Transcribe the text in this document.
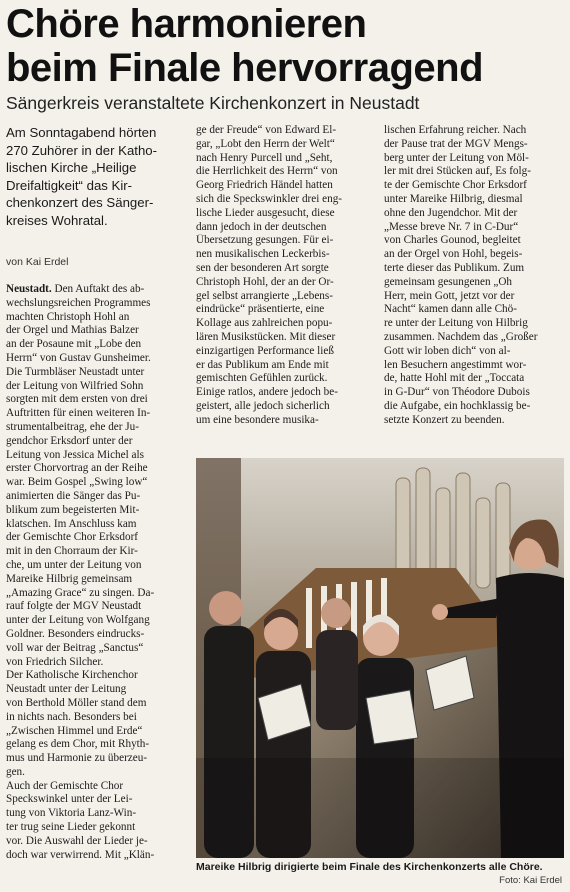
Chöre harmonieren
beim Finale hervorragend
Sängerkreis veranstaltete Kirchenkonzert in Neustadt
Am Sonntagabend hörten
270 Zuhörer in der Katho-
lischen Kirche „Heilige
Dreifaltigkeit“ das Kir-
chenkonzert des Sänger-
kreises Wohratal.
von Kai Erdel
Neustadt. Den Auftakt des ab-
wechslungsreichen Programmes
machten Christoph Hohl an
der Orgel und Mathias Balzer
an der Posaune mit „Lobe den
Herrn“ von Gustav Gunsheimer.
Die Turmbläser Neustadt unter
der Leitung von Wilfried Sohn
sorgten mit dem ersten von drei
Auftritten für einen weiteren In-
strumentalbeitrag, ehe der Ju-
gendchor Erksdorf unter der
Leitung von Jessica Michel als
erster Chorvortrag an der Reihe
war. Beim Gospel „Swing low“
animierten die Sänger das Pu-
blikum zum begeisterten Mit-
klatschen. Im Anschluss kam
der Gemischte Chor Erksdorf
mit in den Chorraum der Kir-
che, um unter der Leitung von
Mareike Hilbrig gemeinsam
„Amazing Grace“ zu singen. Da-
rauf folgte der MGV Neustadt
unter der Leitung von Wolfgang
Goldner. Besonders eindrucks-
voll war der Beitrag „Sanctus“
von Friedrich Silcher.
Der Katholische Kirchenchor
Neustadt unter der Leitung
von Berthold Möller stand dem
in nichts nach. Besonders bei
„Zwischen Himmel und Erde“
gelang es dem Chor, mit Rhyth-
mus und Harmonie zu überzeu-
gen.
Auch der Gemischte Chor
Speckswinkel unter der Lei-
tung von Viktoria Lanz-Win-
ter trug seine Lieder gekonnt
vor. Die Auswahl der Lieder je-
doch war verwirrend. Mit „Klän-
ge der Freude“ von Edward El-
gar, „Lobt den Herrn der Welt“
nach Henry Purcell und „Seht,
die Herrlichkeit des Herrn“ von
Georg Friedrich Händel hatten
sich die Speckswinkler drei eng-
lische Lieder ausgesucht, diese
dann jedoch in der deutschen
Übersetzung gesungen. Für ei-
nen musikalischen Leckerbis-
sen der besonderen Art sorgte
Christoph Hohl, der an der Or-
gel selbst arrangierte „Lebens-
eindrücke“ präsentierte, eine
Kollage aus zahlreichen popu-
lären Musikstücken. Mit dieser
einzigartigen Performance ließ
er das Publikum am Ende mit
gemischten Gefühlen zurück.
Einige ratlos, andere jedoch be-
geistert, alle jedoch sicherlich
um eine besondere musika-
lischen Erfahrung reicher. Nach
der Pause trat der MGV Mengs-
berg unter der Leitung von Möl-
ler mit drei Stücken auf, Es folg-
te der Gemischte Chor Erksdorf
unter Mareike Hilbrig, diesmal
ohne den Jugendchor. Mit der
„Messe breve Nr. 7 in C-Dur“
von Charles Gounod, begleitet
an der Orgel von Hohl, begeis-
terte dieser das Publikum. Zum
gemeinsam gesungenen „Oh
Herr, mein Gott, jetzt vor der
Nacht“ kamen dann alle Chö-
re unter der Leitung von Hilbrig
zusammen. Nachdem das „Großer
Gott wir loben dich“ von al-
len Besuchern angestimmt wor-
de, hatte Hohl mit der „Toccata
in G-Dur“ von Théodore Dubois
die Aufgabe, ein hochklassig be-
setzte Konzert zu beenden.
Mareike Hilbrig dirigierte beim Finale des Kirchenkonzerts alle Chöre.
Foto: Kai Erdel
